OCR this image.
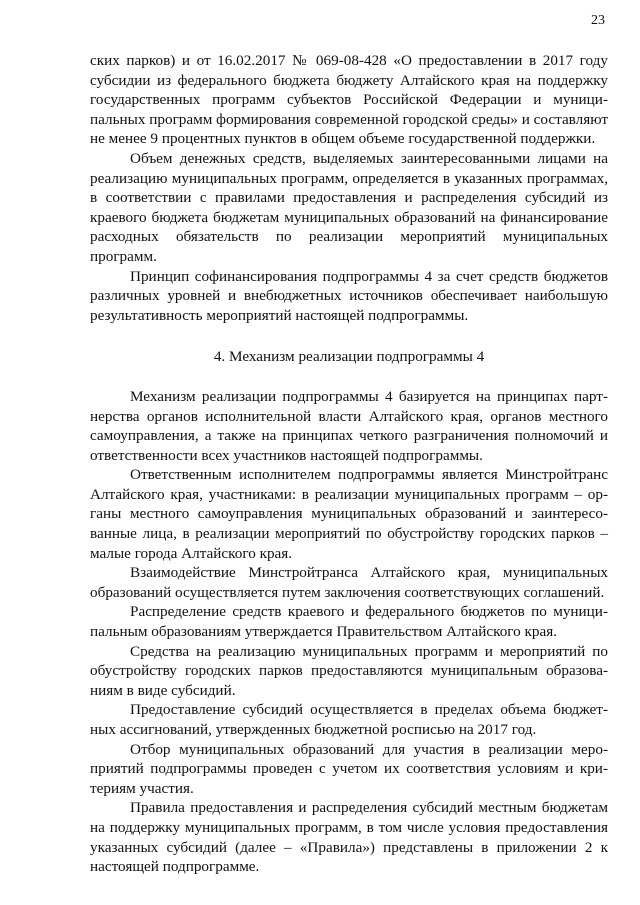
23

ских парков) и от 16.02.2017 № 069-08-428 «О предоставлении в 2017 году субсидии из федерального бюджета бюджету Алтайского края на поддержку государственных программ субъектов Российской Федерации и муниципальных программ формирования современной городской среды» и составляют не менее 9 процентных пунктов в общем объеме государственной поддержки.

Объем денежных средств, выделяемых заинтересованными лицами на реализацию муниципальных программ, определяется в указанных программах, в соответствии с правилами предоставления и распределения субсидий из краевого бюджета бюджетам муниципальных образований на финансирование расходных обязательств по реализации мероприятий муниципальных программ.

Принцип софинансирования подпрограммы 4 за счет средств бюджетов различных уровней и внебюджетных источников обеспечивает наибольшую результативность мероприятий настоящей подпрограммы.

4. Механизм реализации подпрограммы 4

Механизм реализации подпрограммы 4 базируется на принципах партнерства органов исполнительной власти Алтайского края, органов местного самоуправления, а также на принципах четкого разграничения полномочий и ответственности всех участников настоящей подпрограммы.

Ответственным исполнителем подпрограммы является Минстройтранс Алтайского края, участниками: в реализации муниципальных программ – органы местного самоуправления муниципальных образований и заинтересованные лица, в реализации мероприятий по обустройству городских парков – малые города Алтайского края.

Взаимодействие Минстройтранса Алтайского края, муниципальных образований осуществляется путем заключения соответствующих соглашений.

Распределение средств краевого и федерального бюджетов по муниципальным образованиям утверждается Правительством Алтайского края.

Средства на реализацию муниципальных программ и мероприятий по обустройству городских парков предоставляются муниципальным образованиям в виде субсидий.

Предоставление субсидий осуществляется в пределах объема бюджетных ассигнований, утвержденных бюджетной росписью на 2017 год.

Отбор муниципальных образований для участия в реализации мероприятий подпрограммы проведен с учетом их соответствия условиям и критериям участия.

Правила предоставления и распределения субсидий местным бюджетам на поддержку муниципальных программ, в том числе условия предоставления указанных субсидий (далее – «Правила») представлены в приложении 2 к настоящей подпрограмме.
